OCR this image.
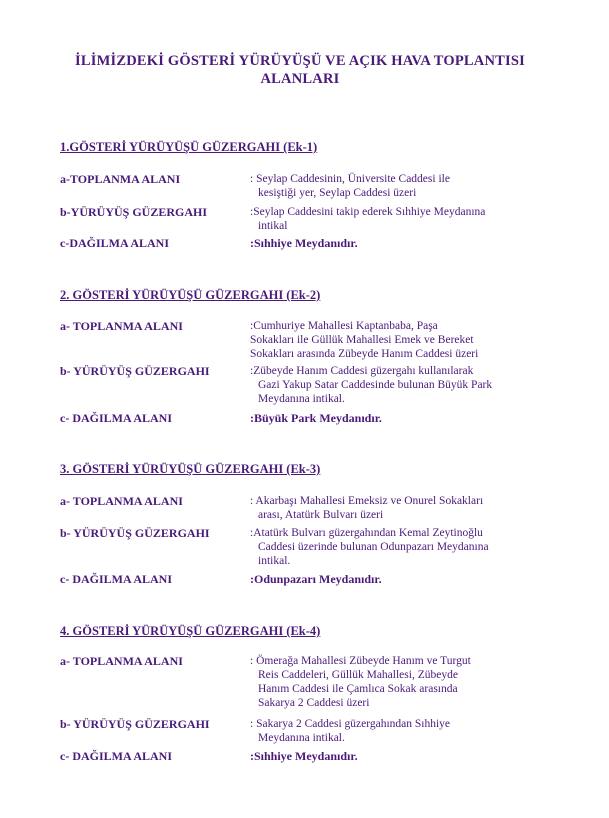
İLİMİZDEKİ GÖSTERİ YÜRÜYÜŞÜ VE AÇIK HAVA TOPLANTISI
ALANLARI
1.GÖSTERİ YÜRÜYÜŞÜ GÜZERGAHI (Ek-1)
a-TOPLANMA ALANI	: Seylap Caddesinin, Üniversite Caddesi ile
kesiştiği yer, Seylap Caddesi üzeri
b-YÜRÜYÜŞ GÜZERGAHI	:Seylap Caddesini takip ederek Sıhhiye Meydanına
intikal
c-DAĞILMA ALANI	:Sıhhiye Meydanıdır.
2. GÖSTERİ YÜRÜYÜŞÜ GÜZERGAHI (Ek-2)
a- TOPLANMA ALANI	:Cumhuriye Mahallesi Kaptanbaba, Paşa
Sokakları ile Güllük Mahallesi Emek ve Bereket
Sokakları arasında Zübeyde Hanım Caddesi üzeri
b- YÜRÜYÜŞ GÜZERGAHI	:Zübeyde Hanım Caddesi güzergahı kullanılarak
Gazi Yakup Satar Caddesinde bulunan Büyük Park
Meydanına intikal.
c- DAĞILMA ALANI	:Büyük Park Meydanıdır.
3. GÖSTERİ YÜRÜYÜŞÜ GÜZERGAHI (Ek-3)
a- TOPLANMA ALANI	: Akarbaşı Mahallesi Emeksiz ve Onurel Sokakları
arası, Atatürk Bulvarı üzeri
b- YÜRÜYÜŞ GÜZERGAHI	:Atatürk Bulvarı güzergahından Kemal Zeytinoğlu
Caddesi üzerinde bulunan Odunpazarı Meydanına
intikal.
c- DAĞILMA ALANI	:Odunpazarı Meydanıdır.
4. GÖSTERİ YÜRÜYÜŞÜ GÜZERGAHI (Ek-4)
a- TOPLANMA ALANI	: Ömerağa Mahallesi Zübeyde Hanım ve Turgut
Reis Caddeleri, Güllük Mahallesi, Zübeyde
Hanım Caddesi ile Çamlıca Sokak arasında
Sakarya 2 Caddesi üzeri
b- YÜRÜYÜŞ GÜZERGAHI	: Sakarya 2 Caddesi güzergahından Sıhhiye
Meydanına intikal.
c- DAĞILMA ALANI	:Sıhhiye Meydanıdır.
